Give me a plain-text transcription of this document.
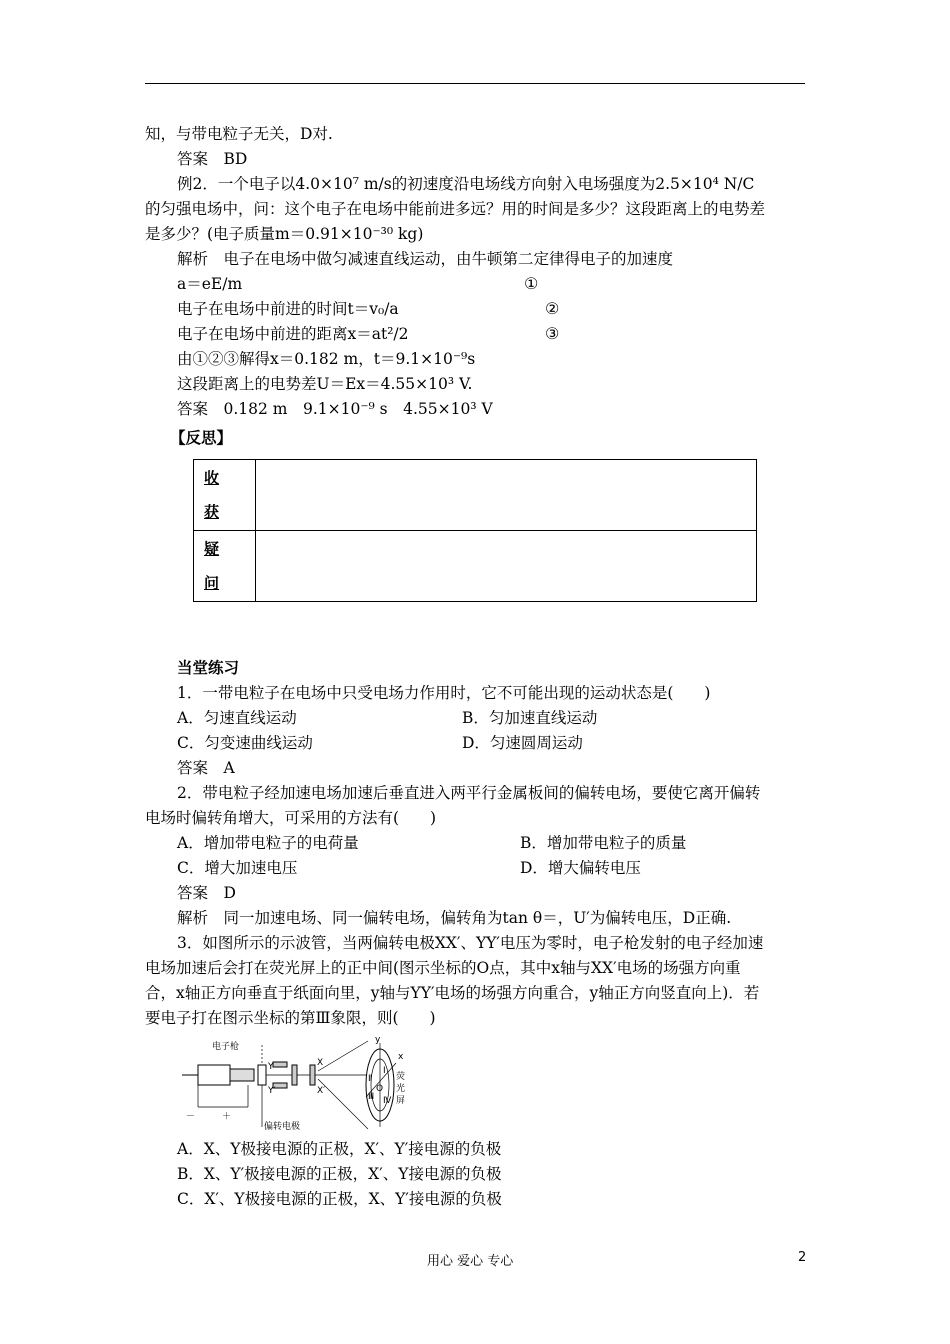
知，与带电粒子无关，D对.
答案　BD
例2．一个电子以4.0×10⁷ m/s的初速度沿电场线方向射入电场强度为2.5×10⁴ N/C
的匀强电场中，问：这个电子在电场中能前进多远？用的时间是多少？这段距离上的电势差
是多少？(电子质量m＝0.91×10⁻³⁰ kg)
解析　电子在电场中做匀减速直线运动，由牛顿第二定律得电子的加速度
a＝eE/m	①
电子在电场中前进的时间t＝v₀/a	②
电子在电场中前进的距离x＝at²/2	③
由①②③解得x＝0.182 m，t＝9.1×10⁻⁹s
这段距离上的电势差U＝Ex＝4.55×10³ V.
答案　0.182 m　9.1×10⁻⁹ s　4.55×10³ V
【反思】
收
获	

疑
问	

当堂练习
1．一带电粒子在电场中只受电场力作用时，它不可能出现的运动状态是(　　)
A．匀速直线运动	B．匀加速直线运动
C．匀变速曲线运动	D．匀速圆周运动
答案　A
2．带电粒子经加速电场加速后垂直进入两平行金属板间的偏转电场，要使它离开偏转
电场时偏转角增大，可采用的方法有(　　)
A．增加带电粒子的电荷量	B．增加带电粒子的质量
C．增大加速电压	D．增大偏转电压
答案　D
解析　同一加速电场、同一偏转电场，偏转角为tan θ＝，U′为偏转电压，D正确.
3．如图所示的示波管，当两偏转电极XX′、YY′电压为零时，电子枪发射的电子经加速
电场加速后会打在荧光屏上的正中间(图示坐标的O点，其中x轴与XX′电场的场强方向重
合，x轴正方向垂直于纸面向里，y轴与YY′电场的场强方向重合，y轴正方向竖直向上)．若
要电子打在图示坐标的第Ⅲ象限，则(　　)
电子枪
偏转电极
Y
Y′
X
X′
y
x
荧
光
屏
Ⅰ
Ⅱ
Ⅲ Ⅳ
O
－	＋
A．X、Y极接电源的正极，X′、Y′接电源的负极
B．X、Y′极接电源的正极，X′、Y接电源的负极
C．X′、Y极接电源的正极，X、Y′接电源的负极
用心 爱心 专心	2
